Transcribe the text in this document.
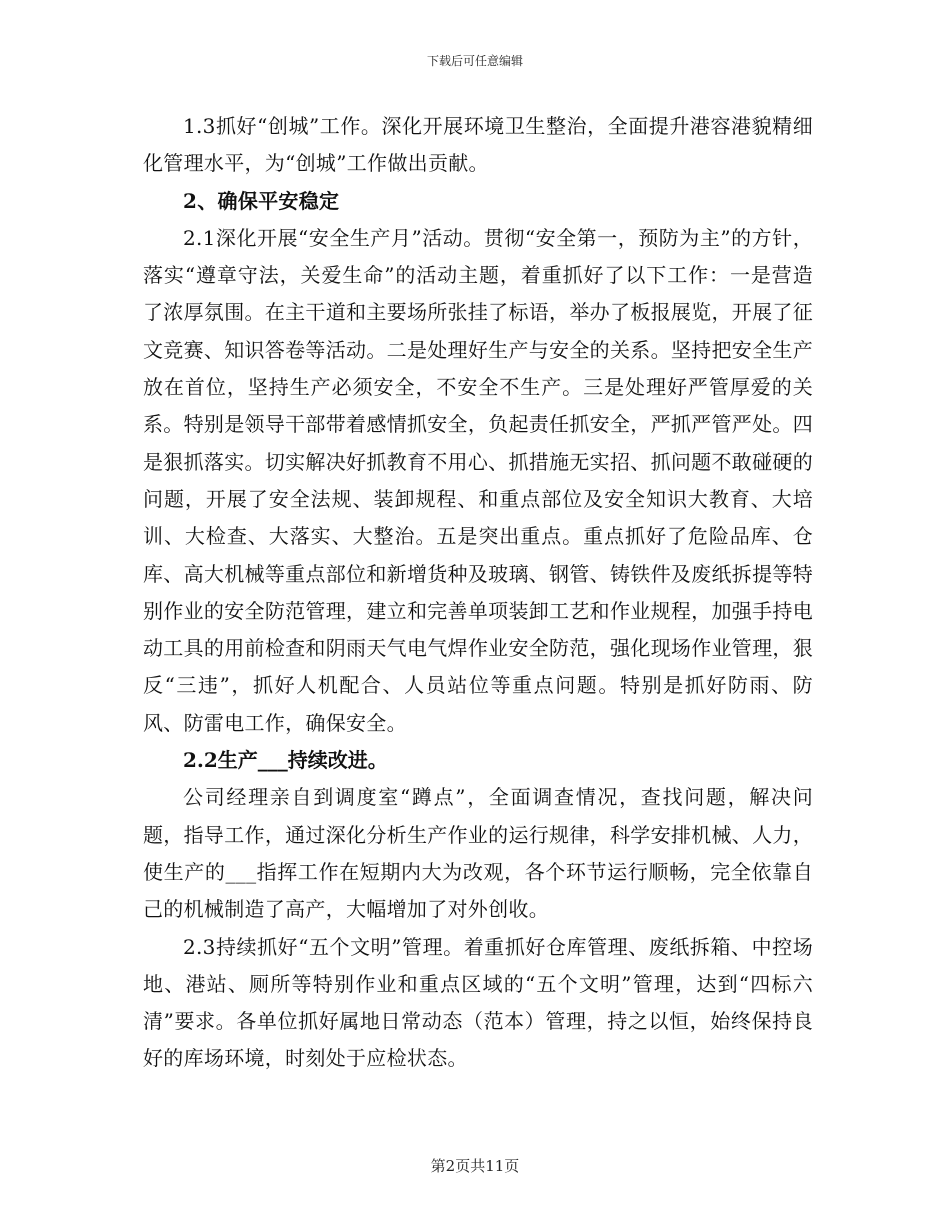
下载后可任意编辑

1.3抓好“创城”工作。深化开展环境卫生整治，全面提升港容港貌精细化管理水平，为“创城”工作做出贡献。

2、确保平安稳定

2.1深化开展“安全生产月”活动。贯彻“安全第一，预防为主”的方针，落实“遵章守法，关爱生命”的活动主题，着重抓好了以下工作：一是营造了浓厚氛围。在主干道和主要场所张挂了标语，举办了板报展览，开展了征文竞赛、知识答卷等活动。二是处理好生产与安全的关系。坚持把安全生产放在首位，坚持生产必须安全，不安全不生产。三是处理好严管厚爱的关系。特别是领导干部带着感情抓安全，负起责任抓安全，严抓严管严处。四是狠抓落实。切实解决好抓教育不用心、抓措施无实招、抓问题不敢碰硬的问题，开展了安全法规、装卸规程、和重点部位及安全知识大教育、大培训、大检查、大落实、大整治。五是突出重点。重点抓好了危险品库、仓库、高大机械等重点部位和新增货种及玻璃、钢管、铸铁件及废纸拆提等特别作业的安全防范管理，建立和完善单项装卸工艺和作业规程，加强手持电动工具的用前检查和阴雨天气电气焊作业安全防范，强化现场作业管理，狠反“三违”，抓好人机配合、人员站位等重点问题。特别是抓好防雨、防风、防雷电工作，确保安全。

2.2生产___持续改进。

公司经理亲自到调度室“蹲点”，全面调查情况，查找问题，解决问题，指导工作，通过深化分析生产作业的运行规律，科学安排机械、人力，使生产的___指挥工作在短期内大为改观，各个环节运行顺畅，完全依靠自己的机械制造了高产，大幅增加了对外创收。

2.3持续抓好“五个文明”管理。着重抓好仓库管理、废纸拆箱、中控场地、港站、厕所等特别作业和重点区域的“五个文明”管理，达到“四标六清”要求。各单位抓好属地日常动态（范本）管理，持之以恒，始终保持良好的库场环境，时刻处于应检状态。

第2页共11页
